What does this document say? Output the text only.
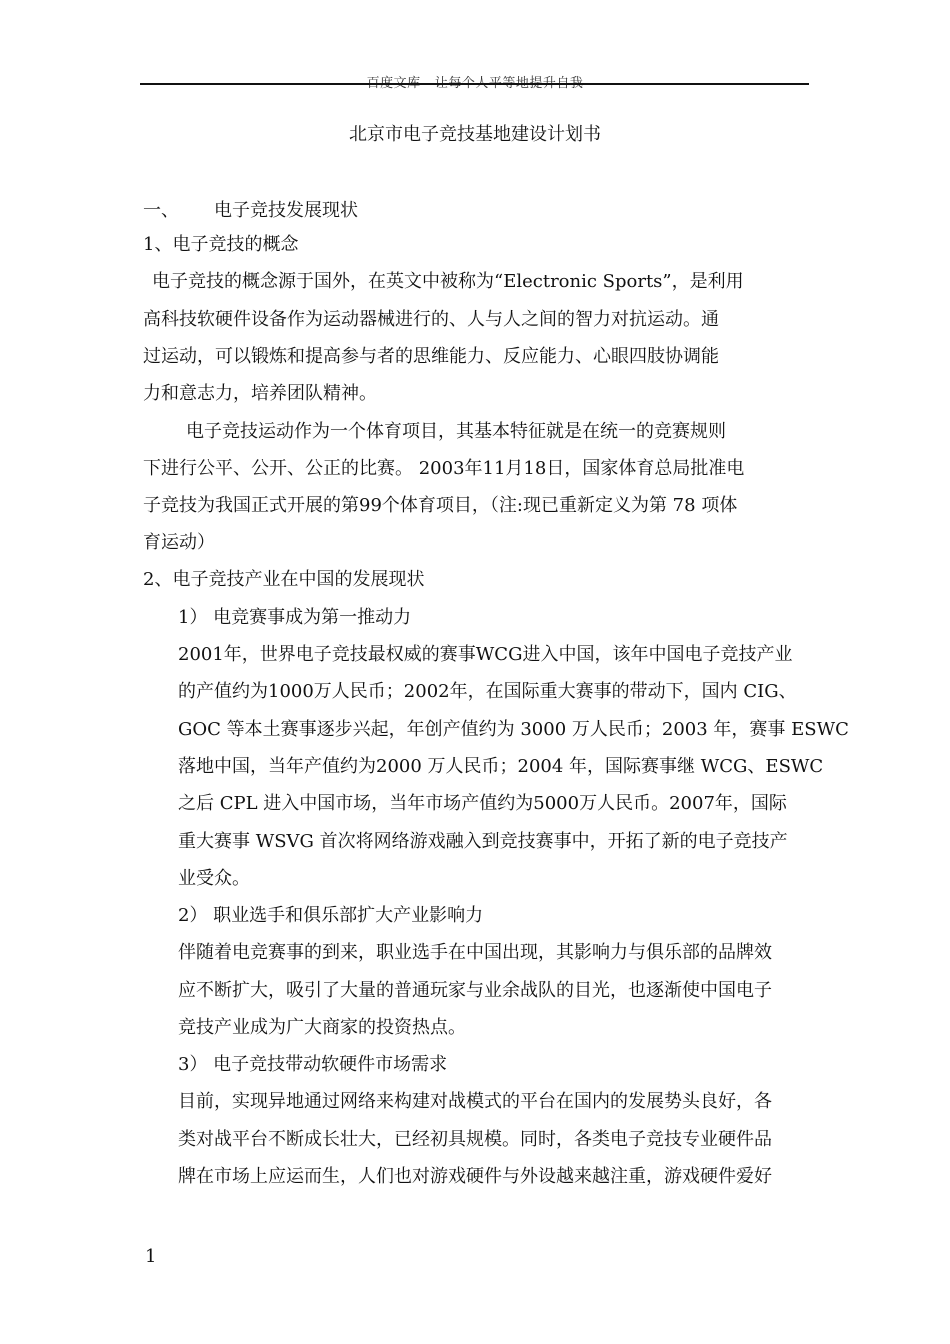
百度文库 - 让每个人平等地提升自我
北京市电子竞技基地建设计划书
一、 电子竞技发展现状
1、电子竞技的概念
电子竞技的概念源于国外，在英文中被称为“Electronic Sports”，是利用
高科技软硬件设备作为运动器械进行的、人与人之间的智力对抗运动。通
过运动，可以锻炼和提高参与者的思维能力、反应能力、心眼四肢协调能
力和意志力，培养团队精神。
电子竞技运动作为一个体育项目，其基本特征就是在统一的竞赛规则
下进行公平、公开、公正的比赛。 2003年11月18日，国家体育总局批准电
子竞技为我国正式开展的第99个体育项目，（注:现已重新定义为第 78 项体
育运动）
2、电子竞技产业在中国的发展现状
1） 电竞赛事成为第一推动力
2001年，世界电子竞技最权威的赛事WCG进入中国，该年中国电子竞技产业
的产值约为1000万人民币；2002年，在国际重大赛事的带动下，国内 CIG、
GOC 等本土赛事逐步兴起，年创产值约为 3000 万人民币；2003 年，赛事 ESWC
落地中国，当年产值约为2000 万人民币；2004 年，国际赛事继 WCG、ESWC
之后 CPL 进入中国市场，当年市场产值约为5000万人民币。2007年，国际
重大赛事 WSVG 首次将网络游戏融入到竞技赛事中，开拓了新的电子竞技产
业受众。
2） 职业选手和俱乐部扩大产业影响力
伴随着电竞赛事的到来，职业选手在中国出现，其影响力与俱乐部的品牌效
应不断扩大，吸引了大量的普通玩家与业余战队的目光，也逐渐使中国电子
竞技产业成为广大商家的投资热点。
3） 电子竞技带动软硬件市场需求
目前，实现异地通过网络来构建对战模式的平台在国内的发展势头良好，各
类对战平台不断成长壮大，已经初具规模。同时，各类电子竞技专业硬件品
牌在市场上应运而生，人们也对游戏硬件与外设越来越注重，游戏硬件爱好
1
